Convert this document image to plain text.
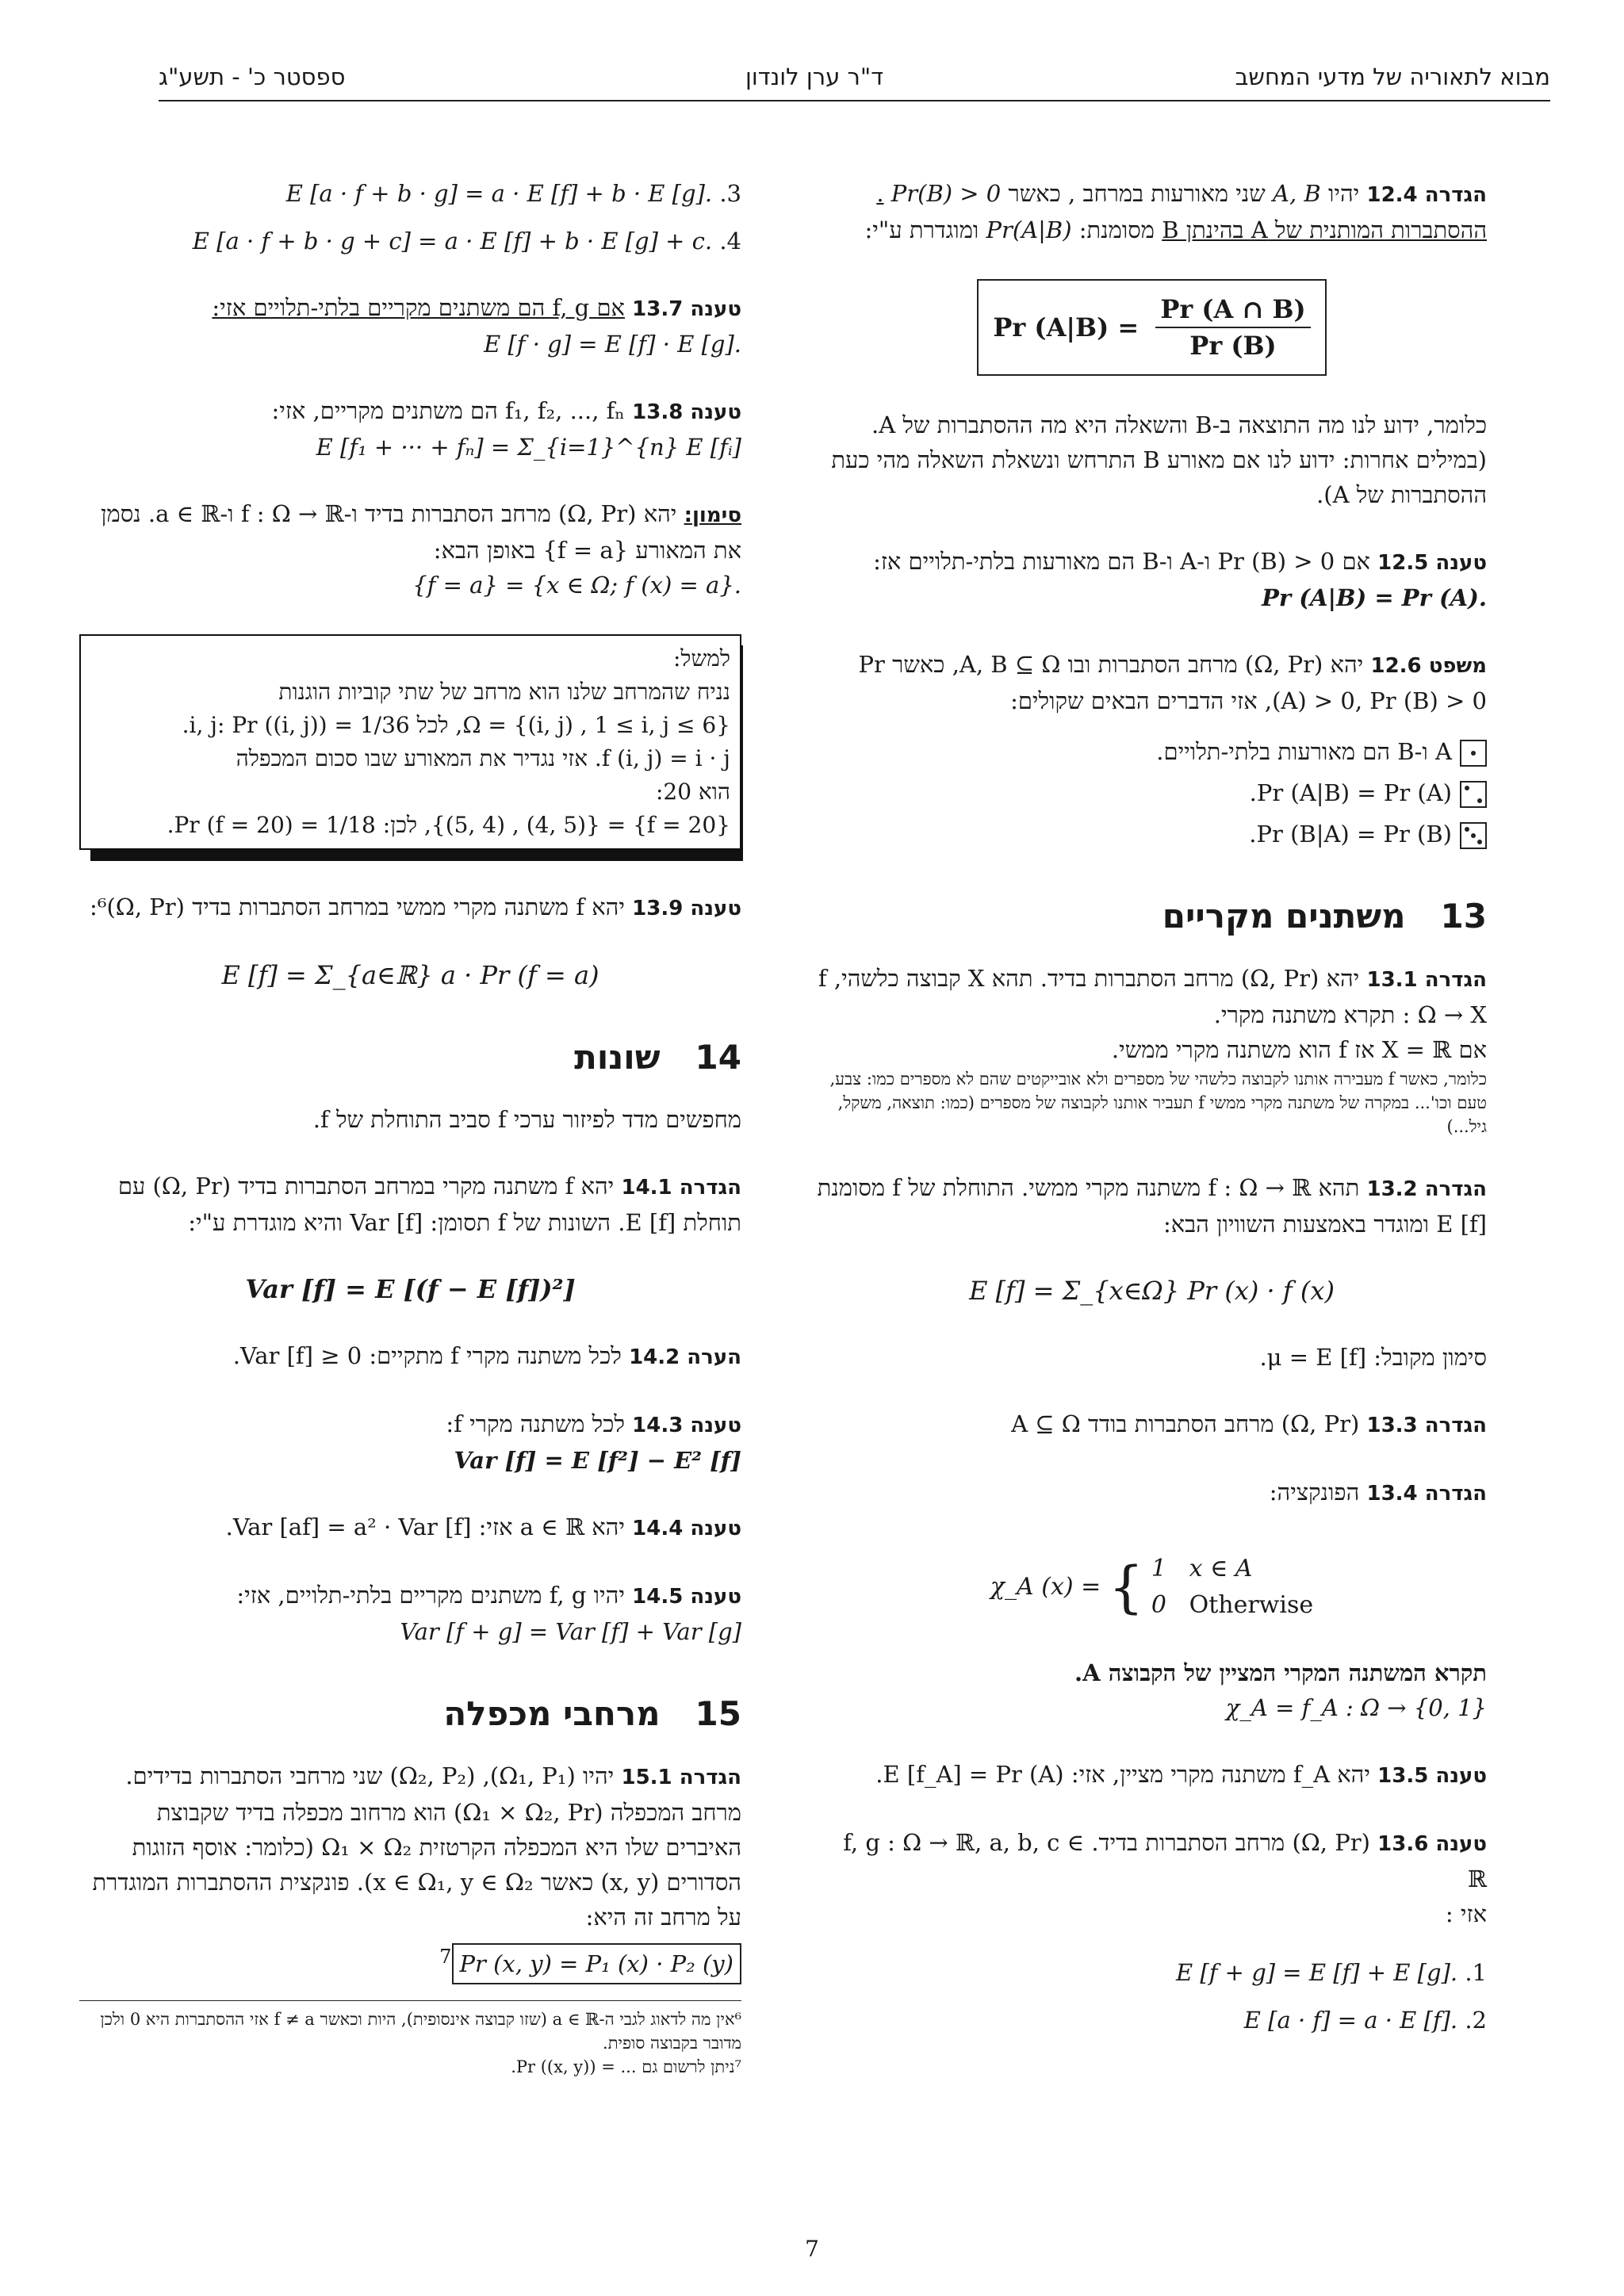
מבוא לתאוריה של מדעי המחשב
ד"ר ערן לונדון
ספסטר כ' - תשע"ג
הגדרה 12.4 יהיו A, B שני מאורעות במרחב , כאשר Pr(B) > 0 . ההסתברות המותנית של A בהינתן B מסומנת: Pr(A|B) ומוגדרת ע"י:
Pr $(A|B) = \frac{Pr (A \cap B)}{Pr (B)}$
כלומר, ידוע לנו מה התוצאה ב-B והשאלה היא מה ההסתברות של A.
(במילים אחרות: ידוע לנו אם מאורע B התרחש ונשאלת השאלה מהי כעת ההסתברות של A).
טענה 12.5 אם Pr (B) > 0 ו-A ו-B הם מאורעות בלתי-תלויים אז: Pr (A|B) = Pr (A).
משפט 12.6 יהא (Ω, Pr) מרחב הסתברות ובו A, B ⊆ Ω, כאשר Pr (A) > 0, Pr (B) > 0, אזי הדברים הבאים שקולים:
A ו-B הם מאורעות בלתי-תלויים.
Pr (A|B) = Pr (A).
Pr (B|A) = Pr (B).
13משתנים מקריים
הגדרה 13.1 יהא (Ω, Pr) מרחב הסתברות בדיד. תהא X קבוצה כלשהי, f : Ω → X תקרא משתנה מקרי.
אם X = ℝ אז f הוא משתנה מקרי ממשי.
כלומר, כאשר f מעבירה אותנו לקבוצה כלשהי של מספרים ולא אובייקטים שהם לא מספרים כמו: צבע, טעם וכו'... במקרה של משתנה מקרי ממשי f תעביר אותנו לקבוצה של מספרים (כמו: תוצאה, משקל, גיל...)
הגדרה 13.2 תהא f : Ω → ℝ משתנה מקרי ממשי. התוחלת של f מסומנת E [f] ומוגדר באמצעות השוויון הבא:
E [f] = Σ_{x∈Ω} Pr (x) · f (x)
סימון מקובל: μ = E [f].
הגדרה 13.3 (Ω, Pr) מרחב הסתברות בודד A ⊆ Ω
הגדרה 13.4 הפונקציה:
χ_A (x) = { 1 x ∈ A
0 Otherwise
תקרא המשתנה המקרי המציין של הקבוצה A.
χ_A = f_A : Ω → {0, 1}
טענה 13.5 יהא f_A משתנה מקרי מציין, אזי: E [f_A] = Pr (A).
טענה 13.6 (Ω, Pr) מרחב הסתברות בדיד. f, g : Ω → ℝ, a, b, c ∈ ℝ
אזי :
1. E [f + g] = E [f] + E [g].
2. E [a · f] = a · E [f].
3. E [a · f + b · g] = a · E [f] + b · E [g].
4. E [a · f + b · g + c] = a · E [f] + b · E [g] + c.
טענה 13.7 אם f, g הם משתנים מקריים בלתי-תלויים אזי:
E [f · g] = E [f] · E [g].
טענה 13.8 f₁, f₂, ..., fₙ הם משתנים מקריים, אזי:
E [f₁ + ··· + fₙ] = Σ_{i=1}^{n} E [fᵢ]
סימון: יהא (Ω, Pr) מרחב הסתברות בדיד ו-f : Ω → ℝ ו-a ∈ ℝ. נסמן את המאורע {f = a} באופן הבא:
{f = a} = {x ∈ Ω; f (x) = a}.
למשל:
נניח שהמרחב שלנו הוא מרחב של שתי קוביות הוגנות
Ω = {(i, j) , 1 ≤ i, j ≤ 6}, לכל i, j: Pr ((i, j)) = 1/36.
f (i, j) = i · j. אזי נגדיר את המאורע שבו סכום המכפלה
הוא 20:
{f = 20} = {(4, 5) , (5, 4)}, לכן: Pr (f = 20) = 1/18.
טענה 13.9 יהא f משתנה מקרי ממשי במרחב הסתברות בדיד (Ω, Pr)⁶:
E [f] = Σ_{a∈ℝ} a · Pr (f = a)
14שונות
מחפשים מדד לפיזור ערכי f סביב התוחלת של f.
הגדרה 14.1 יהא f משתנה מקרי במרחב הסתברות בדיד (Ω, Pr) עם תוחלת E [f]. השונות של f תסומן: Var [f] והיא מוגדרת ע"י:
Var [f] = E [(f − E [f])²]
הערה 14.2 לכל משתנה מקרי f מתקיים: Var [f] ≥ 0.
טענה 14.3 לכל משתנה מקרי f:
Var [f] = E [f²] − E² [f]
טענה 14.4 יהא a ∈ ℝ אזי: Var [af] = a² · Var [f].
טענה 14.5 יהיו f, g משתנים מקריים בלתי-תלויים, אזי:
Var [f + g] = Var [f] + Var [g]
15מרחבי מכפלה
הגדרה 15.1 יהיו (Ω₁, P₁), (Ω₂, P₂) שני מרחבי הסתברות בדידים. מרחב המכפלה (Ω₁ × Ω₂, Pr) הוא מרחוב מכפלה בדיד שקבוצת האיברים שלו היא המכפלה הקרטזית Ω₁ × Ω₂ (כלומר: אוסף הזוגות הסדורים (x, y) כאשר x ∈ Ω₁, y ∈ Ω₂). פונקצית ההסתברות המוגדרת על מרחב זה היא:
Pr (x, y) = P₁ (x) · P₂ $(y)^7$
⁶אין מה לדאוג לגבי ה-a ∈ ℝ (שזו קבוצה אינסופית), היות וכאשר f ≠ a אזי ההסתברות היא 0 ולכן מדובר בקבוצה סופית.
⁷ניתן לרשום גם ... = Pr ((x, y)).
7
